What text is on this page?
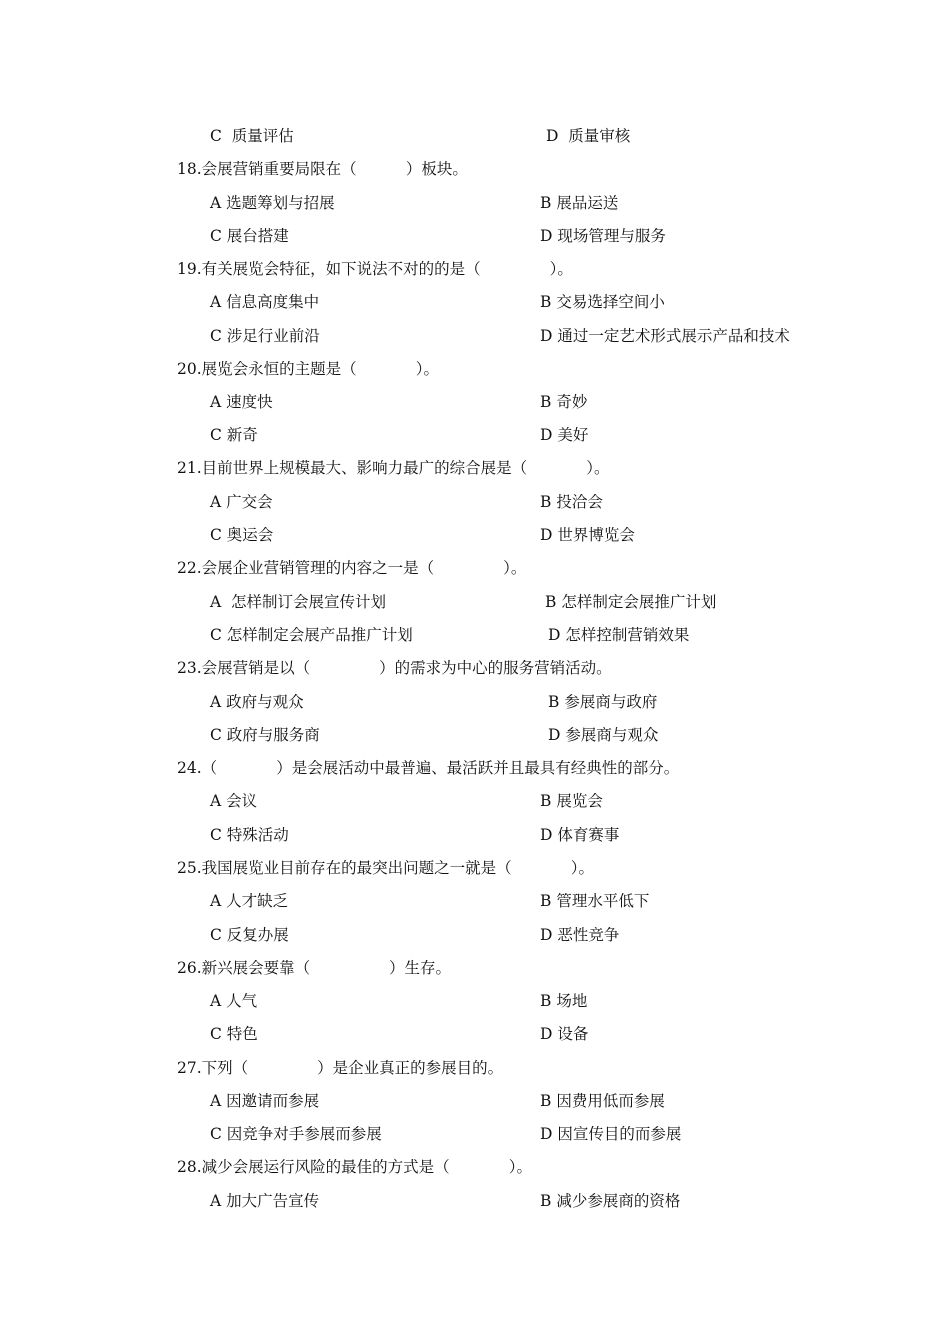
C  质量评估	D  质量审核
18.会展营销重要局限在（          ）板块。
A 选题筹划与招展	B 展品运送
C 展台搭建	D 现场管理与服务
19.有关展览会特征，如下说法不对的的是（              ）。
A 信息高度集中	B 交易选择空间小
C 涉足行业前沿	D 通过一定艺术形式展示产品和技术
20.展览会永恒的主题是（            ）。
A 速度快	B 奇妙
C 新奇	D 美好
21.目前世界上规模最大、影响力最广的综合展是（            ）。
A 广交会	B 投洽会
C 奥运会	D 世界博览会
22.会展企业营销管理的内容之一是（              ）。
A  怎样制订会展宣传计划	B 怎样制定会展推广计划
C 怎样制定会展产品推广计划	D 怎样控制营销效果
23.会展营销是以（              ）的需求为中心的服务营销活动。
A 政府与观众	B 参展商与政府
C 政府与服务商	D 参展商与观众
24.（            ）是会展活动中最普遍、最活跃并且最具有经典性的部分。
A 会议	B 展览会
C 特殊活动	D 体育赛事
25.我国展览业目前存在的最突出问题之一就是（            ）。
A 人才缺乏	B 管理水平低下
C 反复办展	D 恶性竞争
26.新兴展会要靠（                ）生存。
A 人气	B 场地
C 特色	D 设备
27.下列（              ）是企业真正的参展目的。
A 因邀请而参展	B 因费用低而参展
C 因竞争对手参展而参展	D 因宣传目的而参展
28.减少会展运行风险的最佳的方式是（            ）。
A 加大广告宣传	B 减少参展商的资格
